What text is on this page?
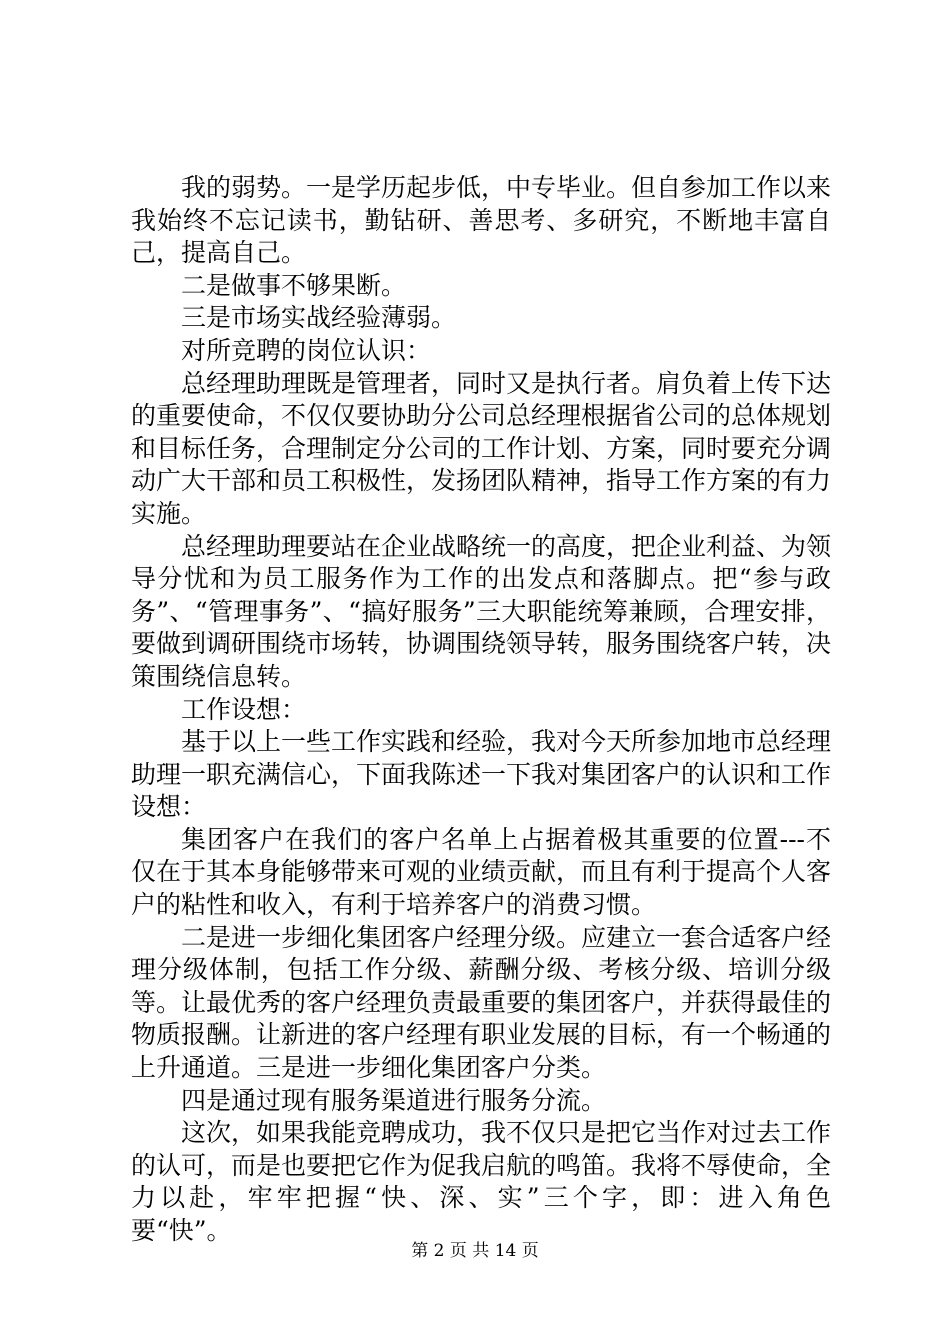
我的弱势。一是学历起步低，中专毕业。但自参加工作以来我始终不忘记读书，勤钻研、善思考、多研究，不断地丰富自己，提高自己。

二是做事不够果断。

三是市场实战经验薄弱。

对所竞聘的岗位认识：

总经理助理既是管理者，同时又是执行者。肩负着上传下达的重要使命，不仅仅要协助分公司总经理根据省公司的总体规划和目标任务，合理制定分公司的工作计划、方案，同时要充分调动广大干部和员工积极性，发扬团队精神，指导工作方案的有力实施。

总经理助理要站在企业战略统一的高度，把企业利益、为领导分忧和为员工服务作为工作的出发点和落脚点。把“参与政务”、“管理事务”、“搞好服务”三大职能统筹兼顾，合理安排，要做到调研围绕市场转，协调围绕领导转，服务围绕客户转，决策围绕信息转。

工作设想：

基于以上一些工作实践和经验，我对今天所参加地市总经理助理一职充满信心，下面我陈述一下我对集团客户的认识和工作设想：

集团客户在我们的客户名单上占据着极其重要的位置---不仅在于其本身能够带来可观的业绩贡献，而且有利于提高个人客户的粘性和收入，有利于培养客户的消费习惯。

二是进一步细化集团客户经理分级。应建立一套合适客户经理分级体制，包括工作分级、薪酬分级、考核分级、培训分级等。让最优秀的客户经理负责最重要的集团客户，并获得最佳的物质报酬。让新进的客户经理有职业发展的目标，有一个畅通的上升通道。三是进一步细化集团客户分类。

四是通过现有服务渠道进行服务分流。

这次，如果我能竞聘成功，我不仅只是把它当作对过去工作的认可，而是也要把它作为促我启航的鸣笛。我将不辱使命，全力以赴，牢牢把握“快、深、实”三个字，即：进入角色要“快”。

第 2 页 共 14 页
